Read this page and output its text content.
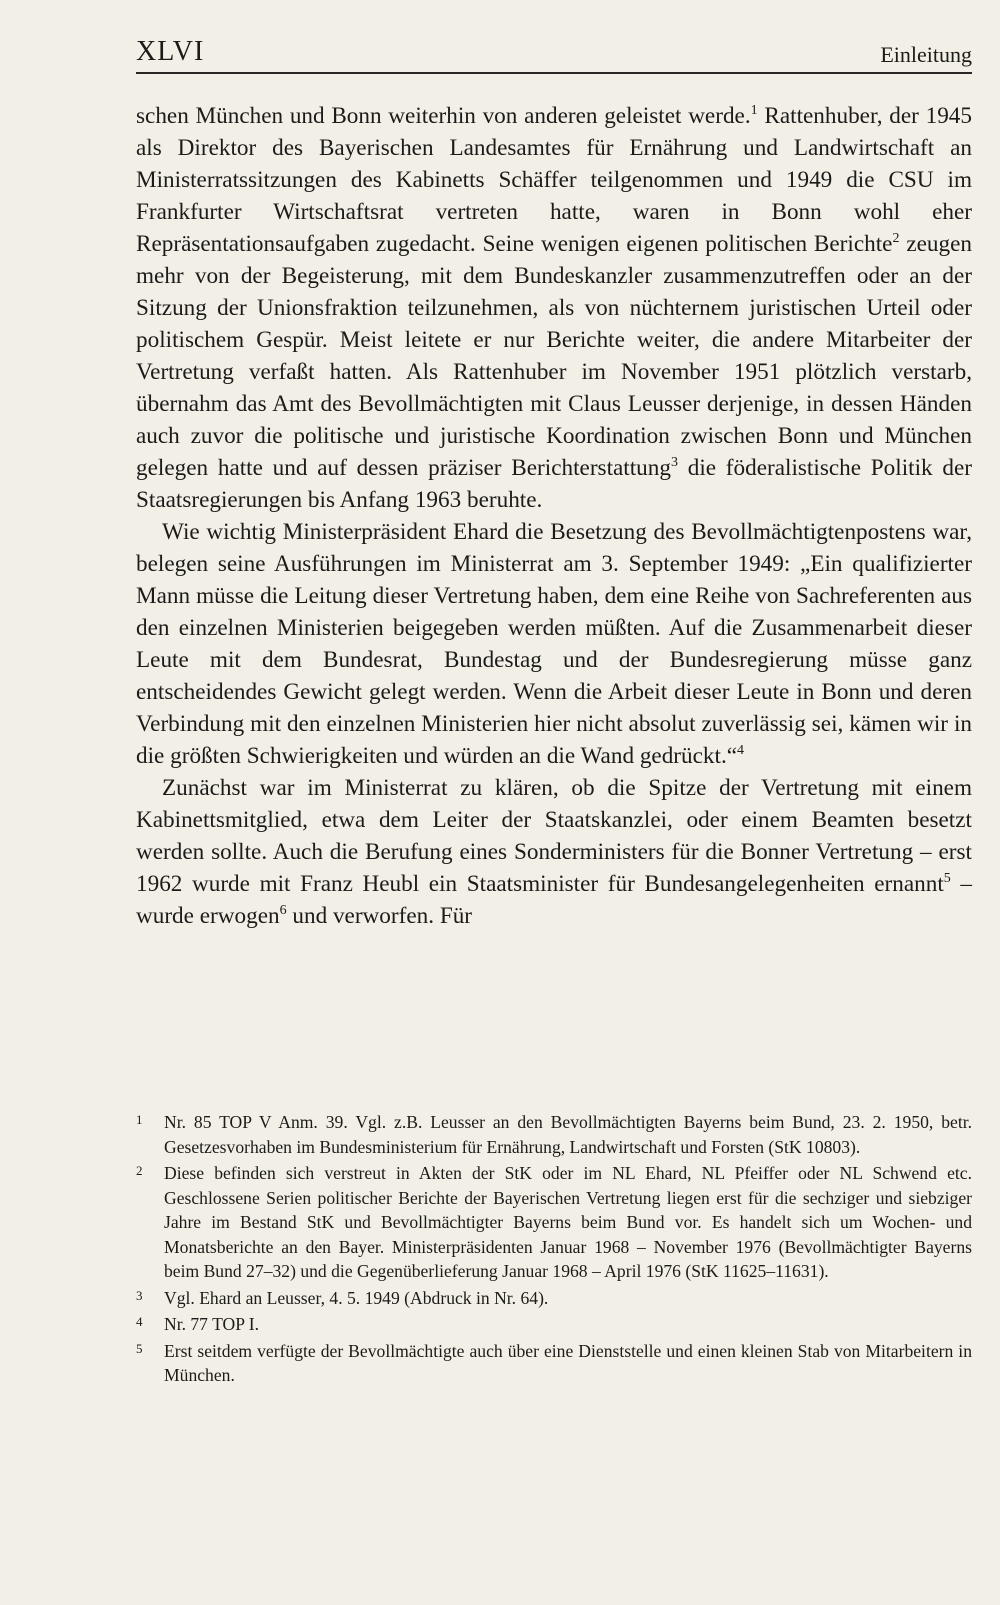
XLVI	Einleitung

schen München und Bonn weiterhin von anderen geleistet werde.$^1$ Rattenhuber, der 1945 als Direktor des Bayerischen Landesamtes für Ernährung und Landwirtschaft an Ministerratssitzungen des Kabinetts Schäffer teilgenommen und 1949 die CSU im Frankfurter Wirtschaftsrat vertreten hatte, waren in Bonn wohl eher Repräsentationsaufgaben zugedacht. Seine wenigen eigenen politischen Berichte$^2$ zeugen mehr von der Begeisterung, mit dem Bundeskanzler zusammenzutreffen oder an der Sitzung der Unionsfraktion teilzunehmen, als von nüchternem juristischen Urteil oder politischem Gespür. Meist leitete er nur Berichte weiter, die andere Mitarbeiter der Vertretung verfaßt hatten. Als Rattenhuber im November 1951 plötzlich verstarb, übernahm das Amt des Bevollmächtigten mit Claus Leusser derjenige, in dessen Händen auch zuvor die politische und juristische Koordination zwischen Bonn und München gelegen hatte und auf dessen präziser Berichterstattung$^3$ die föderalistische Politik der Staatsregierungen bis Anfang 1963 beruhte.

Wie wichtig Ministerpräsident Ehard die Besetzung des Bevollmächtigtenpostens war, belegen seine Ausführungen im Ministerrat am 3. September 1949: „Ein qualifizierter Mann müsse die Leitung dieser Vertretung haben, dem eine Reihe von Sachreferenten aus den einzelnen Ministerien beigegeben werden müßten. Auf die Zusammenarbeit dieser Leute mit dem Bundesrat, Bundestag und der Bundesregierung müsse ganz entscheidendes Gewicht gelegt werden. Wenn die Arbeit dieser Leute in Bonn und deren Verbindung mit den einzelnen Ministerien hier nicht absolut zuverlässig sei, kämen wir in die größten Schwierigkeiten und würden an die Wand gedrückt.“$^4$

Zunächst war im Ministerrat zu klären, ob die Spitze der Vertretung mit einem Kabinettsmitglied, etwa dem Leiter der Staatskanzlei, oder einem Beamten besetzt werden sollte. Auch die Berufung eines Sonderministers für die Bonner Vertretung – erst 1962 wurde mit Franz Heubl ein Staatsminister für Bundesangelegenheiten ernannt$^5$ – wurde erwogen$^6$ und verworfen. Für

1	Nr. 85 TOP V Anm. 39. Vgl. z.B. Leusser an den Bevollmächtigten Bayerns beim Bund, 23. 2. 1950, betr. Gesetzesvorhaben im Bundesministerium für Ernährung, Landwirtschaft und Forsten (StK 10803).
2	Diese befinden sich verstreut in Akten der StK oder im NL Ehard, NL Pfeiffer oder NL Schwend etc. Geschlossene Serien politischer Berichte der Bayerischen Vertretung liegen erst für die sechziger und siebziger Jahre im Bestand StK und Bevollmächtigter Bayerns beim Bund vor. Es handelt sich um Wochen- und Monatsberichte an den Bayer. Ministerpräsidenten Januar 1968 – November 1976 (Bevollmächtigter Bayerns beim Bund 27–32) und die Gegenüberlieferung Januar 1968 – April 1976 (StK 11625–11631).
3	Vgl. Ehard an Leusser, 4. 5. 1949 (Abdruck in Nr. 64).
4	Nr. 77 TOP I.
5	Erst seitdem verfügte der Bevollmächtigte auch über eine Dienststelle und einen kleinen Stab von Mitarbeitern in München.
